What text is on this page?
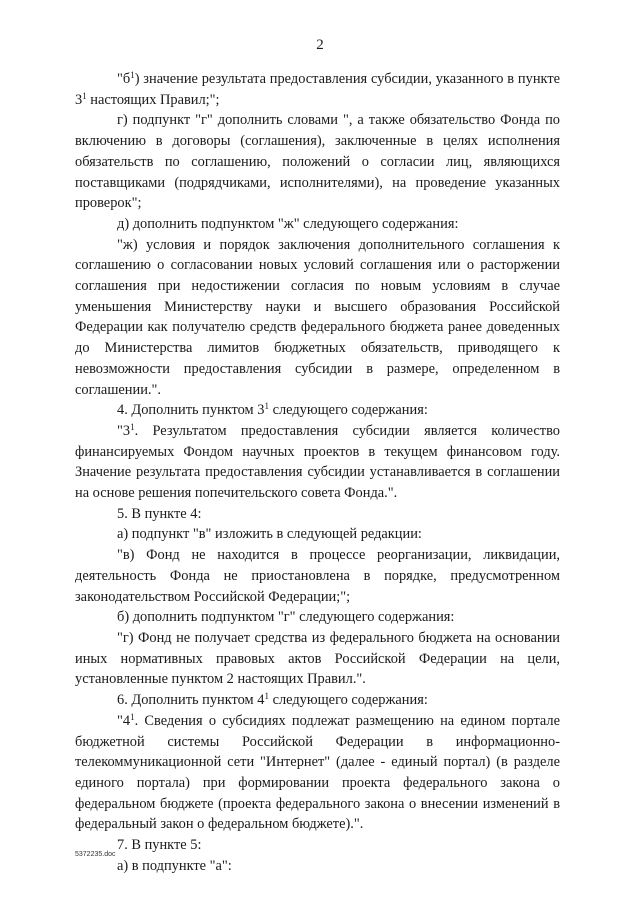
2

"$б^1$) значение результата предоставления субсидии, указанного в пункте $3^1$ настоящих Правил;";

г) подпункт "г" дополнить словами ", а также обязательство Фонда по включению в договоры (соглашения), заключенные в целях исполнения обязательств по соглашению, положений о согласии лиц, являющихся поставщиками (подрядчиками, исполнителями), на проведение указанных проверок";

д) дополнить подпунктом "ж" следующего содержания:

"ж) условия и порядок заключения дополнительного соглашения к соглашению о согласовании новых условий соглашения или о расторжении соглашения при недостижении согласия по новым условиям в случае уменьшения Министерству науки и высшего образования Российской Федерации как получателю средств федерального бюджета ранее доведенных до Министерства лимитов бюджетных обязательств, приводящего к невозможности предоставления субсидии в размере, определенном в соглашении.".

4. Дополнить пунктом $3^1$ следующего содержания:

"$3^1$. Результатом предоставления субсидии является количество финансируемых Фондом научных проектов в текущем финансовом году. Значение результата предоставления субсидии устанавливается в соглашении на основе решения попечительского совета Фонда.".

5. В пункте 4:

а) подпункт "в" изложить в следующей редакции:

"в) Фонд не находится в процессе реорганизации, ликвидации, деятельность Фонда не приостановлена в порядке, предусмотренном законодательством Российской Федерации;";

б) дополнить подпунктом "г" следующего содержания:

"г) Фонд не получает средства из федерального бюджета на основании иных нормативных правовых актов Российской Федерации на цели, установленные пунктом 2 настоящих Правил.".

6. Дополнить пунктом $4^1$ следующего содержания:

"$4^1$. Сведения о субсидиях подлежат размещению на едином портале бюджетной системы Российской Федерации в информационно-телекоммуникационной сети "Интернет" (далее - единый портал) (в разделе единого портала) при формировании проекта федерального закона о федеральном бюджете (проекта федерального закона о внесении изменений в федеральный закон о федеральном бюджете).".

7. В пункте 5:

а) в подпункте "а":

5372235.doc
